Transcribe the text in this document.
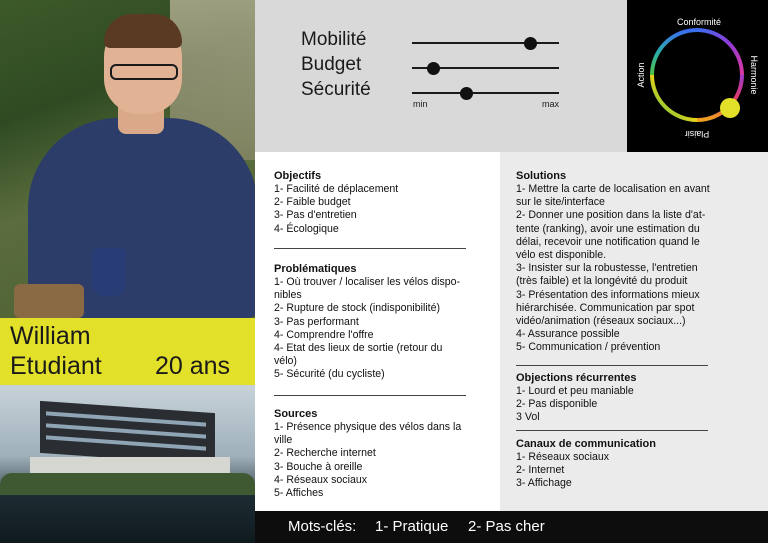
William
Etudiant 20 ans
Mobilité
Budget
Sécurité
min	max
Conformité
Harmonie
Plaisir
Action
Objectifs

1- Facilité de déplacement

2- Faible budget

3- Pas d'entretien

4- Écologique

Problématiques

1- Où trouver / localiser les vélos dispo-

nibles

2- Rupture de stock (indisponibilité)

3- Pas performant

4- Comprendre l'offre

4- Etat des lieux de sortie (retour du

vélo)

5- Sécurité (du cycliste)

Sources

1- Présence physique des vélos dans la

ville

2- Recherche internet

3- Bouche à oreille

4- Réseaux sociaux

5- Affiches

Solutions

1- Mettre la carte de localisation en avant

sur le site/interface

2- Donner une position dans la liste d'at-

tente (ranking), avoir une estimation du

délai, recevoir une notification quand le

vélo est disponible.

3- Insister sur la robustesse, l'entretien

(très faible) et la longévité du produit

3- Présentation des informations mieux

hiérarchisée. Communication par spot

vidéo/animation (réseaux sociaux...)

4- Assurance possible

5- Communication / prévention

Objections récurrentes

1- Lourd et peu maniable

2- Pas disponible

3 Vol

Canaux de communication

1- Réseaux sociaux

2- Internet

3- Affichage

Mots-clés: 1- Pratique 2- Pas cher
